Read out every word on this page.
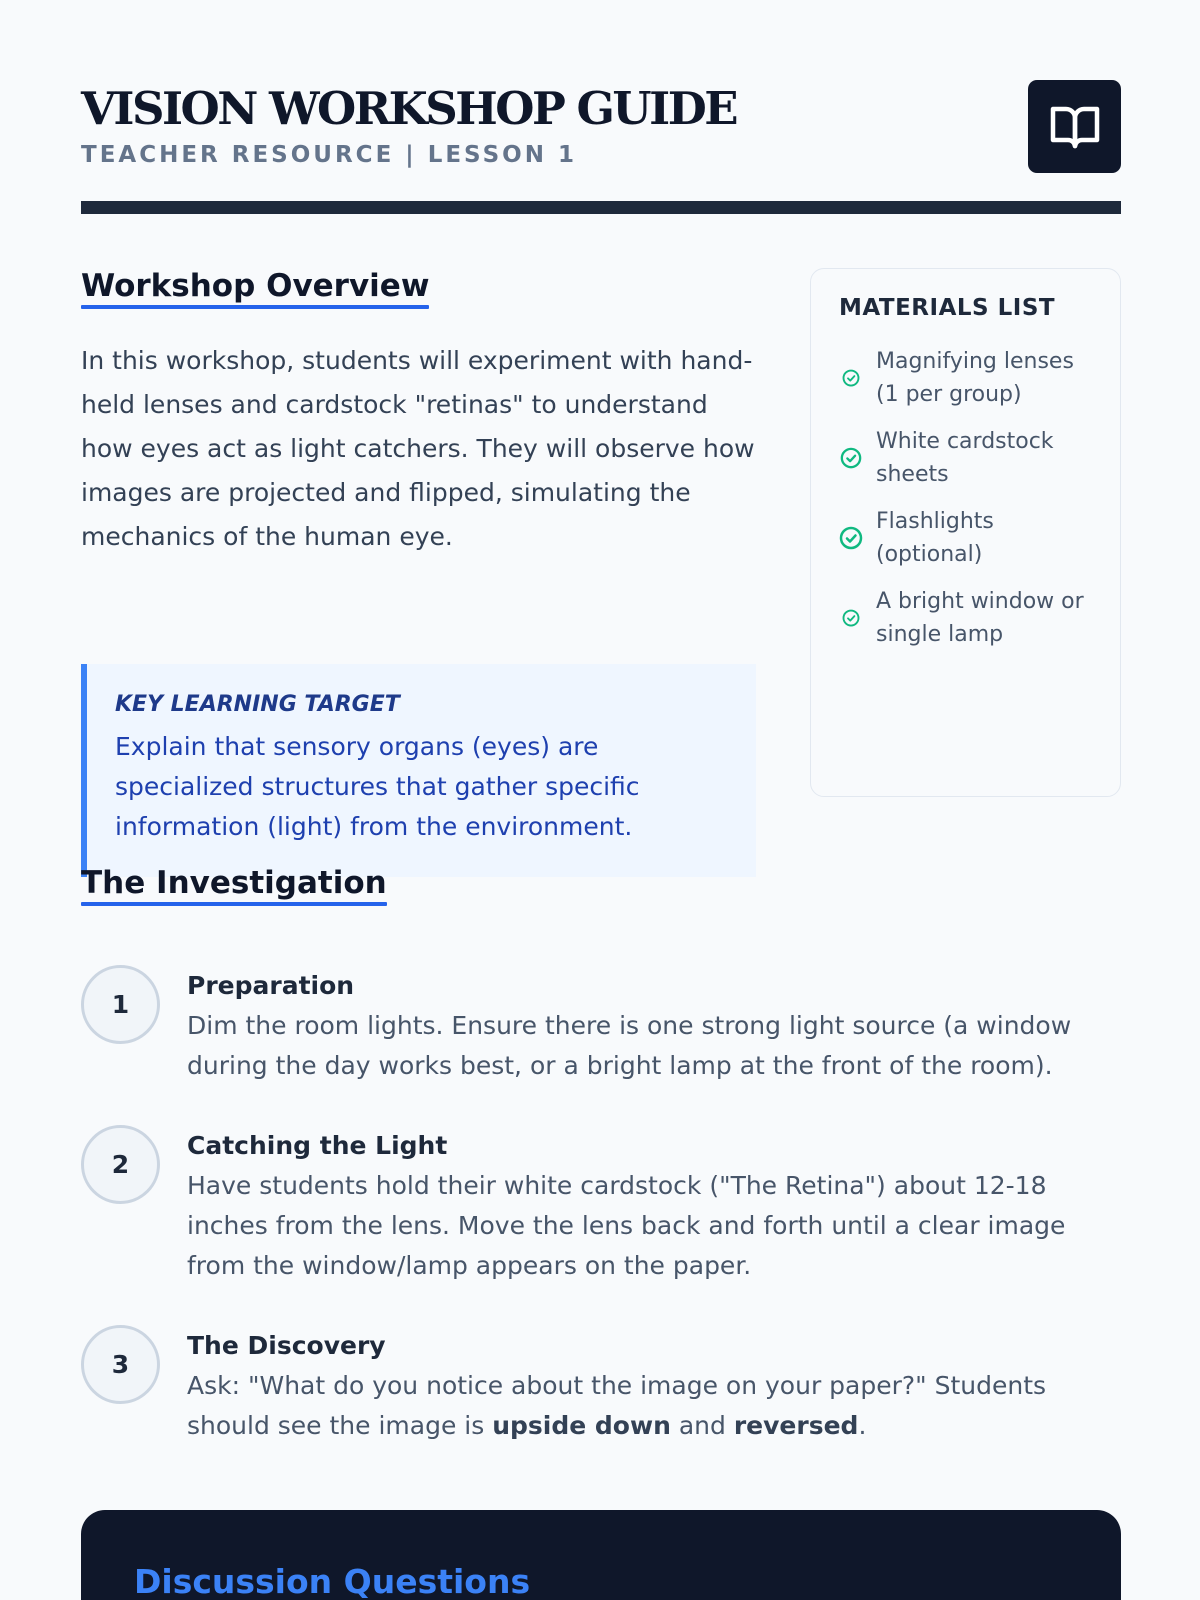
VISION WORKSHOP GUIDE
TEACHER RESOURCE | LESSON 1
Workshop Overview

In this workshop, students will experiment with hand-held lenses and cardstock "retinas" to understand how eyes act as light catchers. They will observe how images are projected and flipped, simulating the mechanics of the human eye.

KEY LEARNING TARGET
Explain that sensory organs (eyes) are specialized structures that gather specific information (light) from the environment.
MATERIALS LIST
Magnifying lenses (1 per group)
White cardstock sheets
Flashlights (optional)
A bright window or single lamp
The Investigation
1
Preparation
Dim the room lights. Ensure there is one strong light source (a window during the day works best, or a bright lamp at the front of the room).
2
Catching the Light
Have students hold their white cardstock ("The Retina") about 12-18 inches from the lens. Move the lens back and forth until a clear image from the window/lamp appears on the paper.
3
The Discovery
Ask: "What do you notice about the image on your paper?" Students should see the image is upside down and reversed.
Discussion Questions
